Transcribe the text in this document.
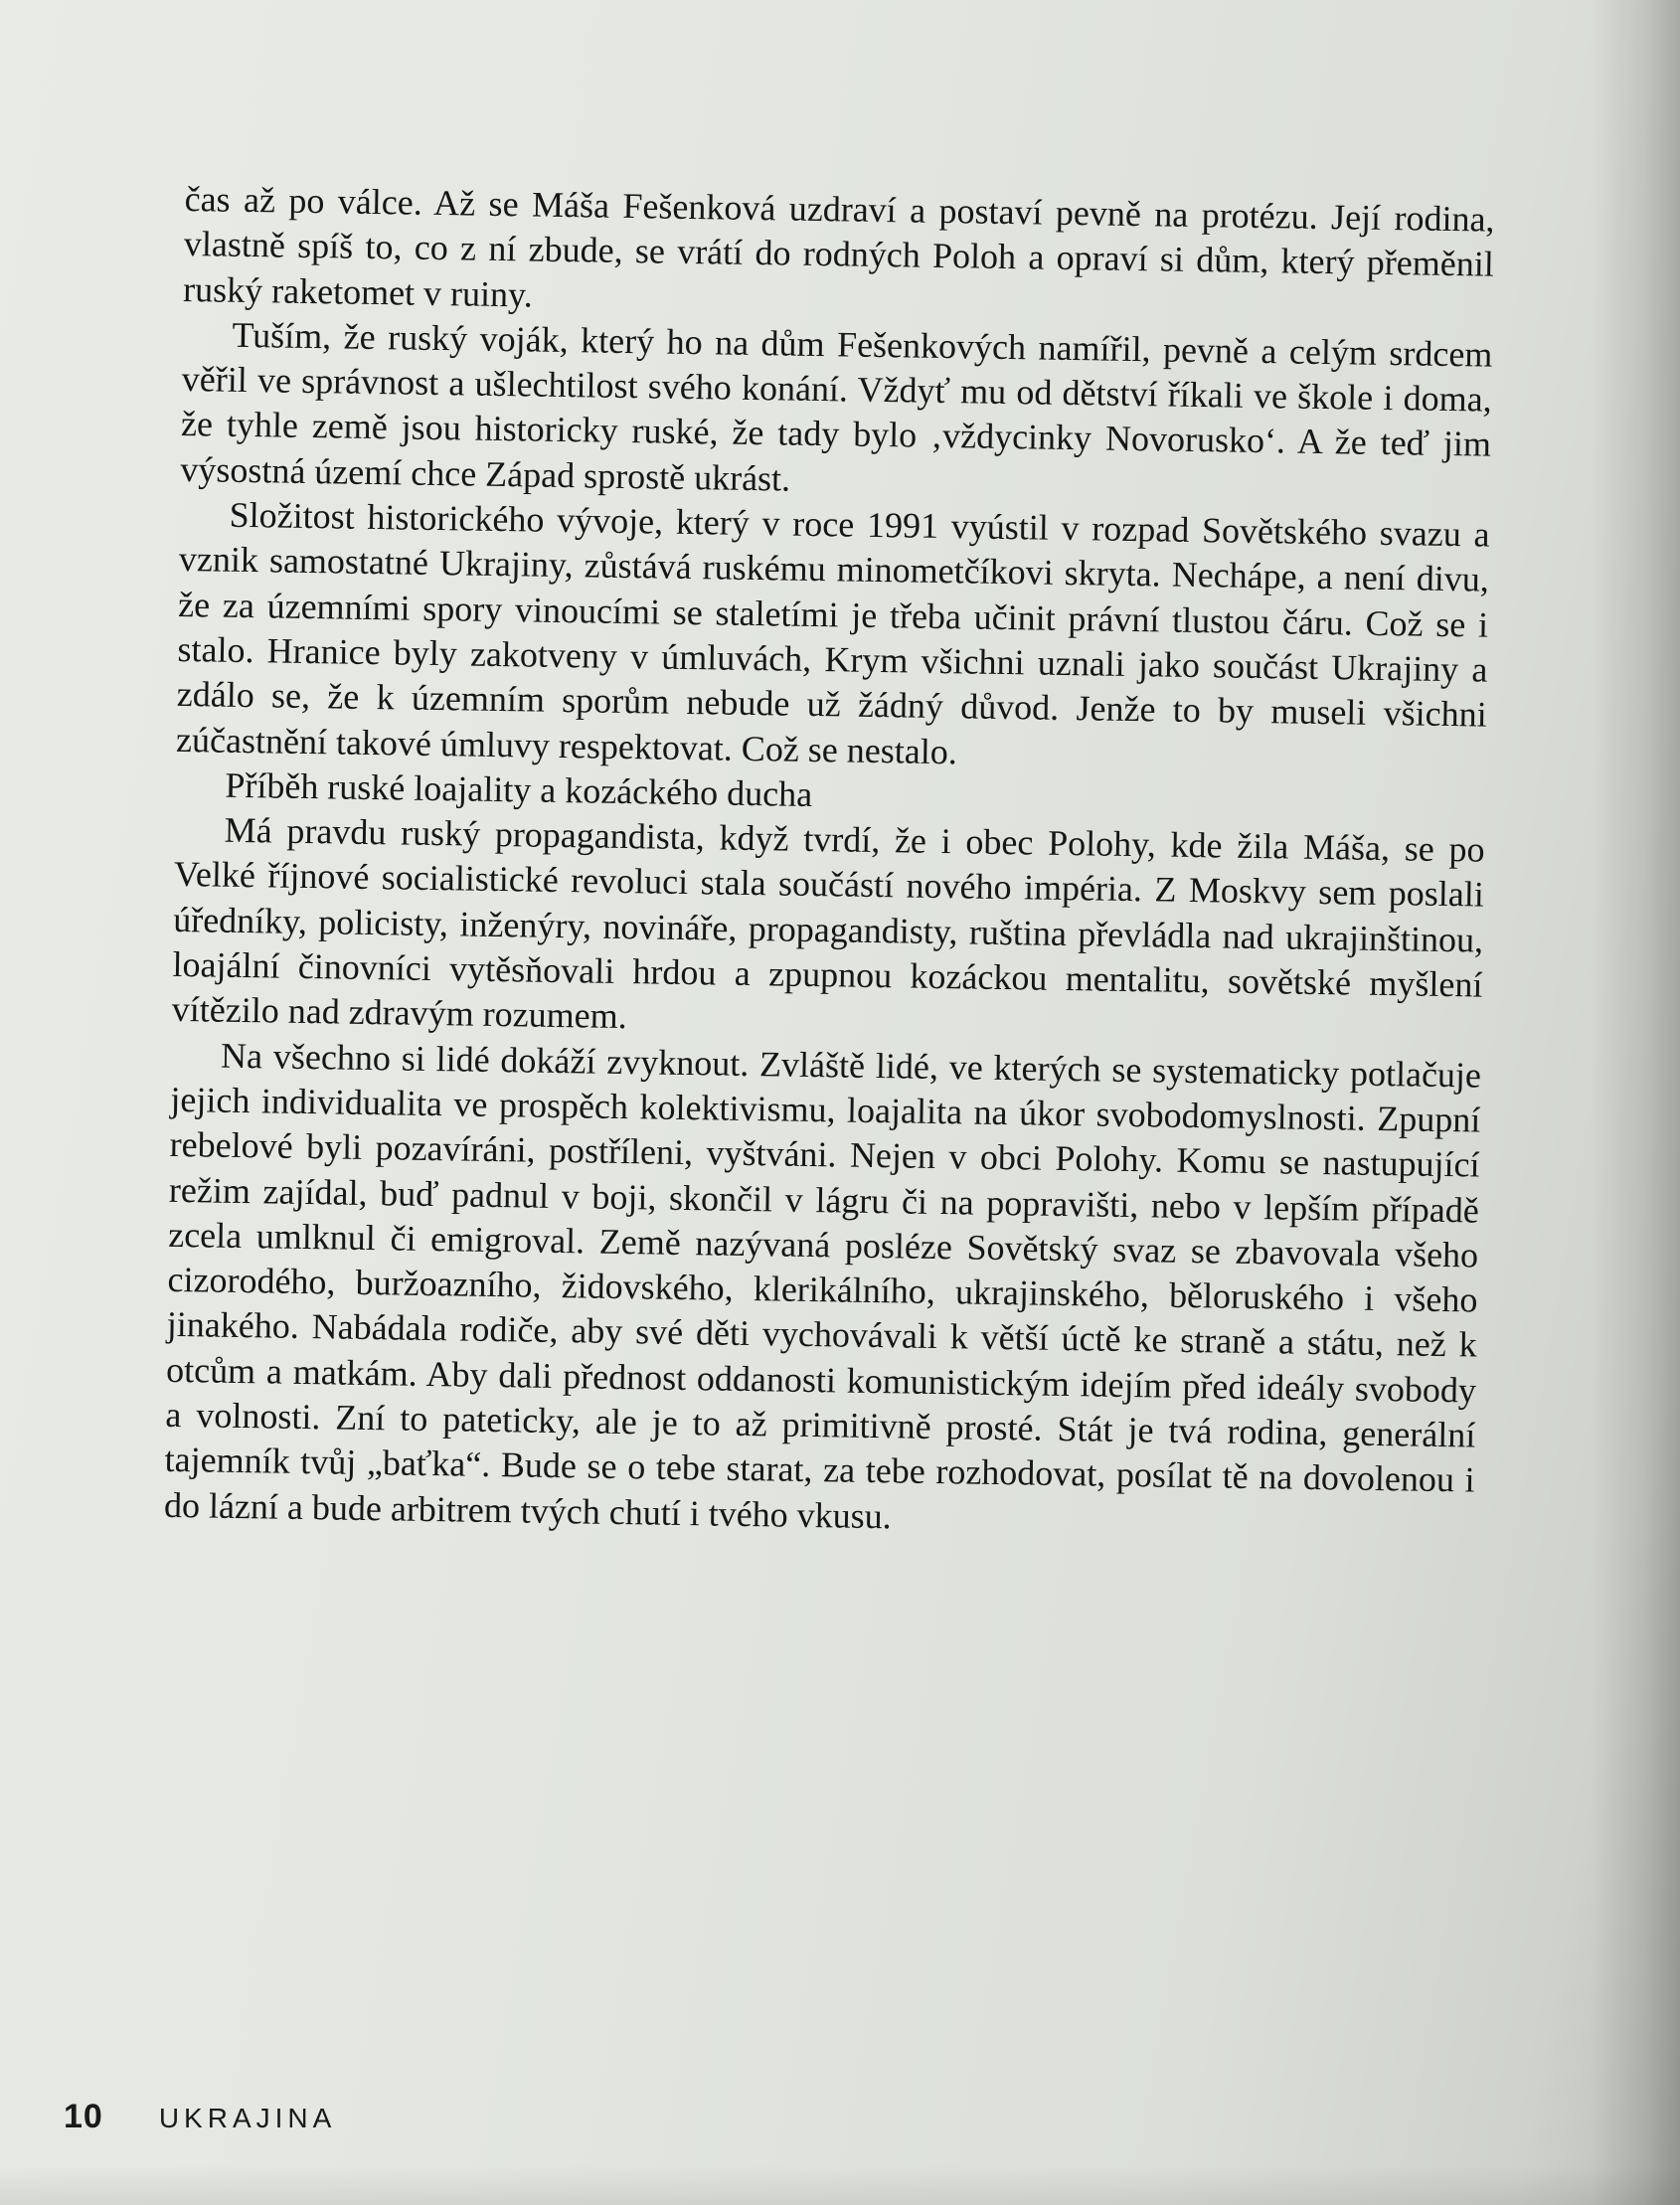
čas až po válce. Až se Máša Fešenková uzdraví a postaví pevně na protézu. Její rodina, vlastně spíš to, co z ní zbude, se vrátí do rodných Poloh a opraví si dům, který přeměnil ruský raketomet v ruiny.

Tuším, že ruský voják, který ho na dům Fešenkových namířil, pevně a celým srdcem věřil ve správnost a ušlechtilost svého konání. Vždyť mu od dětství říkali ve škole i doma, že tyhle země jsou historicky ruské, že tady bylo ‚vždycinky Novorusko‘. A že teď jim výsostná území chce Západ sprostě ukrást.

Složitost historického vývoje, který v roce 1991 vyústil v rozpad Sovětského svazu a vznik samostatné Ukrajiny, zůstává ruskému minometčíkovi skryta. Nechápe, a není divu, že za územními spory vinoucími se staletími je třeba učinit právní tlustou čáru. Což se i stalo. Hranice byly zakotveny v úmluvách, Krym všichni uznali jako součást Ukrajiny a zdálo se, že k územním sporům nebude už žádný důvod. Jenže to by museli všichni zúčastnění takové úmluvy respektovat. Což se nestalo.

Příběh ruské loajality a kozáckého ducha

Má pravdu ruský propagandista, když tvrdí, že i obec Polohy, kde žila Máša, se po Velké říjnové socialistické revoluci stala součástí nového impéria. Z Moskvy sem poslali úředníky, policisty, inženýry, novináře, propagandisty, ruština převládla nad ukrajinštinou, loajální činovníci vytěsňovali hrdou a zpupnou kozáckou mentalitu, sovětské myšlení vítězilo nad zdravým rozumem.

Na všechno si lidé dokáží zvyknout. Zvláště lidé, ve kterých se systematicky potlačuje jejich individualita ve prospěch kolektivismu, loajalita na úkor svobodomyslnosti. Zpupní rebelové byli pozavíráni, postříleni, vyštváni. Nejen v obci Polohy. Komu se nastupující režim zajídal, buď padnul v boji, skončil v lágru či na popravišti, nebo v lepším případě zcela umlknul či emigroval. Země nazývaná posléze Sovětský svaz se zbavovala všeho cizorodého, buržoazního, židovského, klerikálního, ukrajinského, běloruského i všeho jinakého. Nabádala rodiče, aby své děti vychovávali k větší úctě ke straně a státu, než k otcům a matkám. Aby dali přednost oddanosti komunistickým idejím před ideály svobody a volnosti. Zní to pateticky, ale je to až primitivně prosté. Stát je tvá rodina, generální tajemník tvůj „baťka“. Bude se o tebe starat, za tebe rozhodovat, posílat tě na dovolenou i do lázní a bude arbitrem tvých chutí i tvého vkusu.

10 UKRAJINA
